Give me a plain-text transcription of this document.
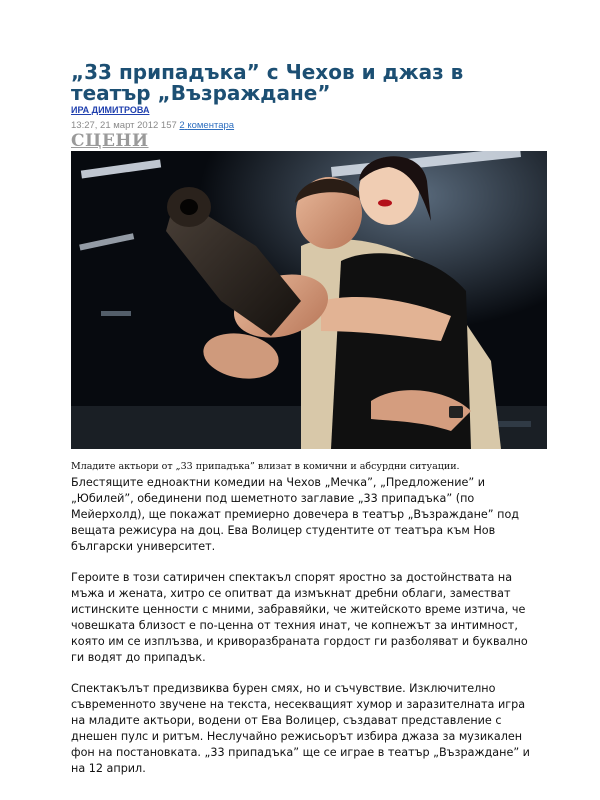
„33 припадъка” с Чехов и джаз в театър „Възраждане”
ИРА ДИМИТРОВА
13:27, 21 март 2012 157 2 коментара
СЦЕНИ
Младите актьори от „33 припадъка” влизат в комични и абсурдни ситуации.

Блестящите едноактни комедии на Чехов „Мечка”, „Предложение” и „Юбилей”, обединени под шеметното заглавие „33 припадъка” (по Мейерхолд), ще покажат премиерно довечера в театър „Възраждане” под вещата режисура на доц. Ева Волицер студентите от театъра към Нов български университет.

Героите в този сатиричен спектакъл спорят яростно за достойнствата на мъжа и жената, хитро се опитват да измъкнат дребни облаги, заместват истинските ценности с мними, забравяйки, че житейското време изтича, че човешката близост е по-ценна от техния инат, че копнежът за интимност, която им се изплъзва, и криворазбраната гордост ги разболяват и буквално ги водят до припадък.

Спектакълът предизвиква бурен смях, но и съчувствие. Изключително съвременното звучене на текста, несекващият хумор и заразителната игра на младите актьори, водени от Ева Волицер, създават представление с днешен пулс и ритъм. Неслучайно режисьорът избира джаза за музикален фон на постановката. „33 припадъка” ще се играе в театър „Възраждане” и на 12 април.
